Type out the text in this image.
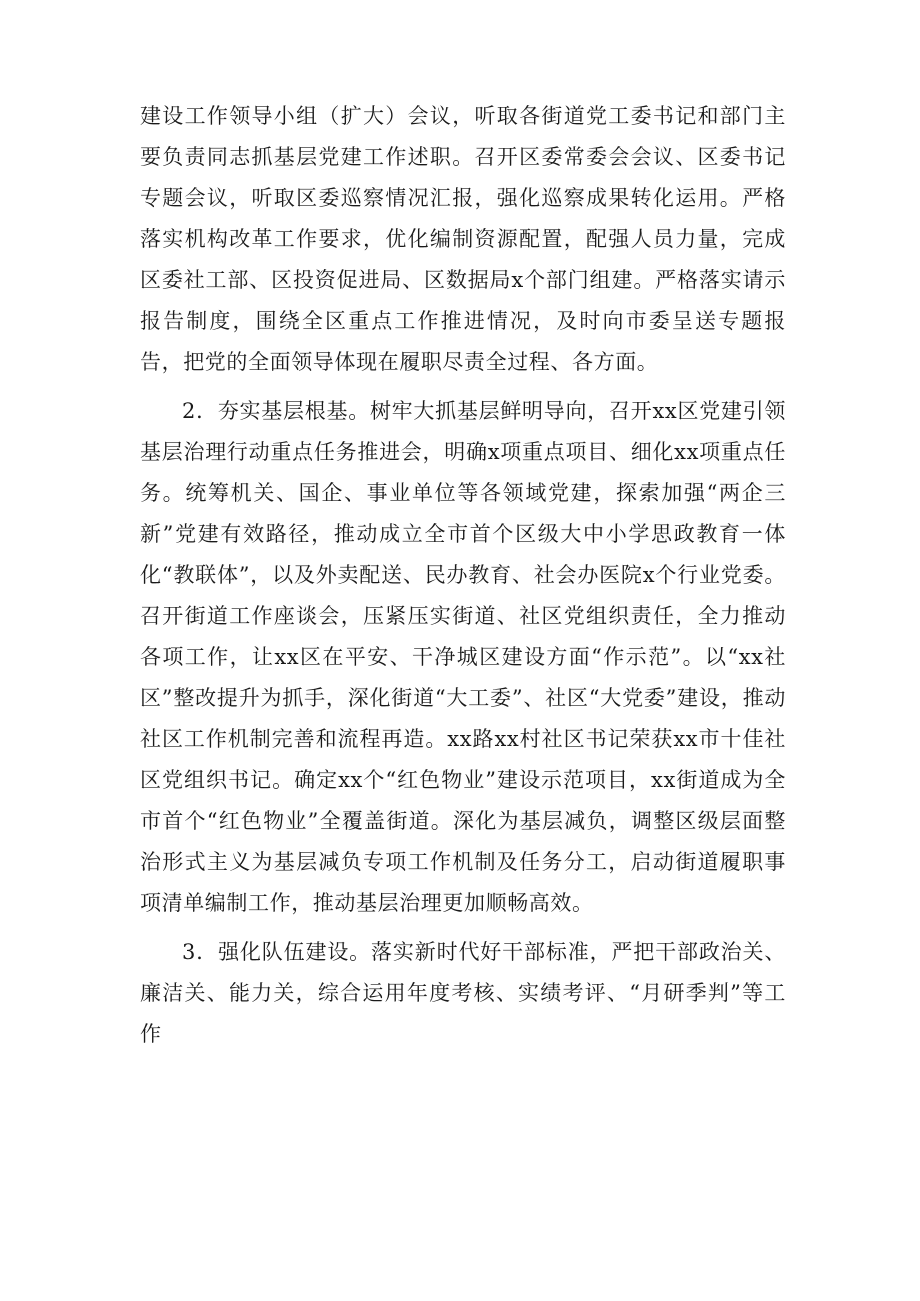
建设工作领导小组（扩大）会议，听取各街道党工委书记和部门主要负责同志抓基层党建工作述职。召开区委常委会会议、区委书记专题会议，听取区委巡察情况汇报，强化巡察成果转化运用。严格落实机构改革工作要求，优化编制资源配置，配强人员力量，完成区委社工部、区投资促进局、区数据局x个部门组建。严格落实请示报告制度，围绕全区重点工作推进情况，及时向市委呈送专题报告，把党的全面领导体现在履职尽责全过程、各方面。

2．夯实基层根基。树牢大抓基层鲜明导向，召开xx区党建引领基层治理行动重点任务推进会，明确x项重点项目、细化xx项重点任务。统筹机关、国企、事业单位等各领域党建，探索加强“两企三新”党建有效路径，推动成立全市首个区级大中小学思政教育一体化“教联体”，以及外卖配送、民办教育、社会办医院x个行业党委。召开街道工作座谈会，压紧压实街道、社区党组织责任，全力推动各项工作，让xx区在平安、干净城区建设方面“作示范”。以“xx社区”整改提升为抓手，深化街道“大工委”、社区“大党委”建设，推动社区工作机制完善和流程再造。xx路xx村社区书记荣获xx市十佳社区党组织书记。确定xx个“红色物业”建设示范项目，xx街道成为全市首个“红色物业”全覆盖街道。深化为基层减负，调整区级层面整治形式主义为基层减负专项工作机制及任务分工，启动街道履职事项清单编制工作，推动基层治理更加顺畅高效。

3．强化队伍建设。落实新时代好干部标准，严把干部政治关、廉洁关、能力关，综合运用年度考核、实绩考评、“月研季判”等工作
